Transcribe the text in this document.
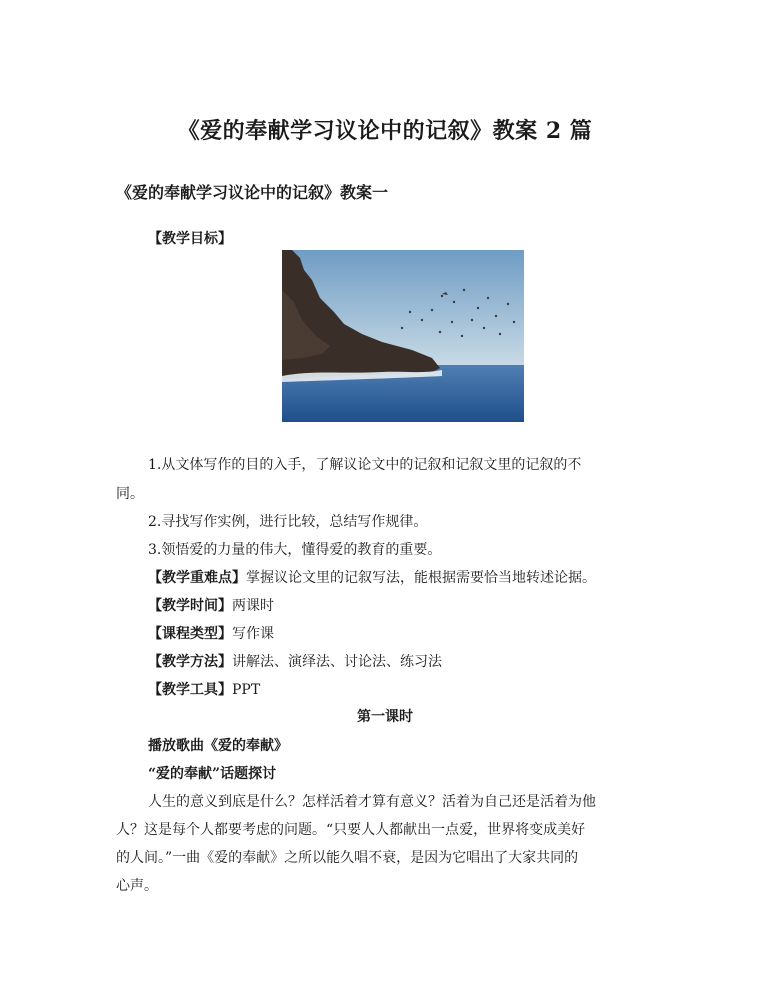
《爱的奉献学习议论中的记叙》教案 2 篇
《爱的奉献学习议论中的记叙》教案一
【教学目标】
1.从文体写作的目的入手，了解议论文中的记叙和记叙文里的记叙的不
同。
2.寻找写作实例，进行比较，总结写作规律。
3.领悟爱的力量的伟大，懂得爱的教育的重要。
【教学重难点】掌握议论文里的记叙写法，能根据需要恰当地转述论据。
【教学时间】两课时
【课程类型】写作课
【教学方法】讲解法、演绎法、讨论法、练习法
【教学工具】PPT
第一课时
播放歌曲《爱的奉献》
“爱的奉献”话题探讨
人生的意义到底是什么？怎样活着才算有意义？活着为自己还是活着为他
人？这是每个人都要考虑的问题。“只要人人都献出一点爱，世界将变成美好
的人间。”一曲《爱的奉献》之所以能久唱不衰，是因为它唱出了大家共同的
心声。
